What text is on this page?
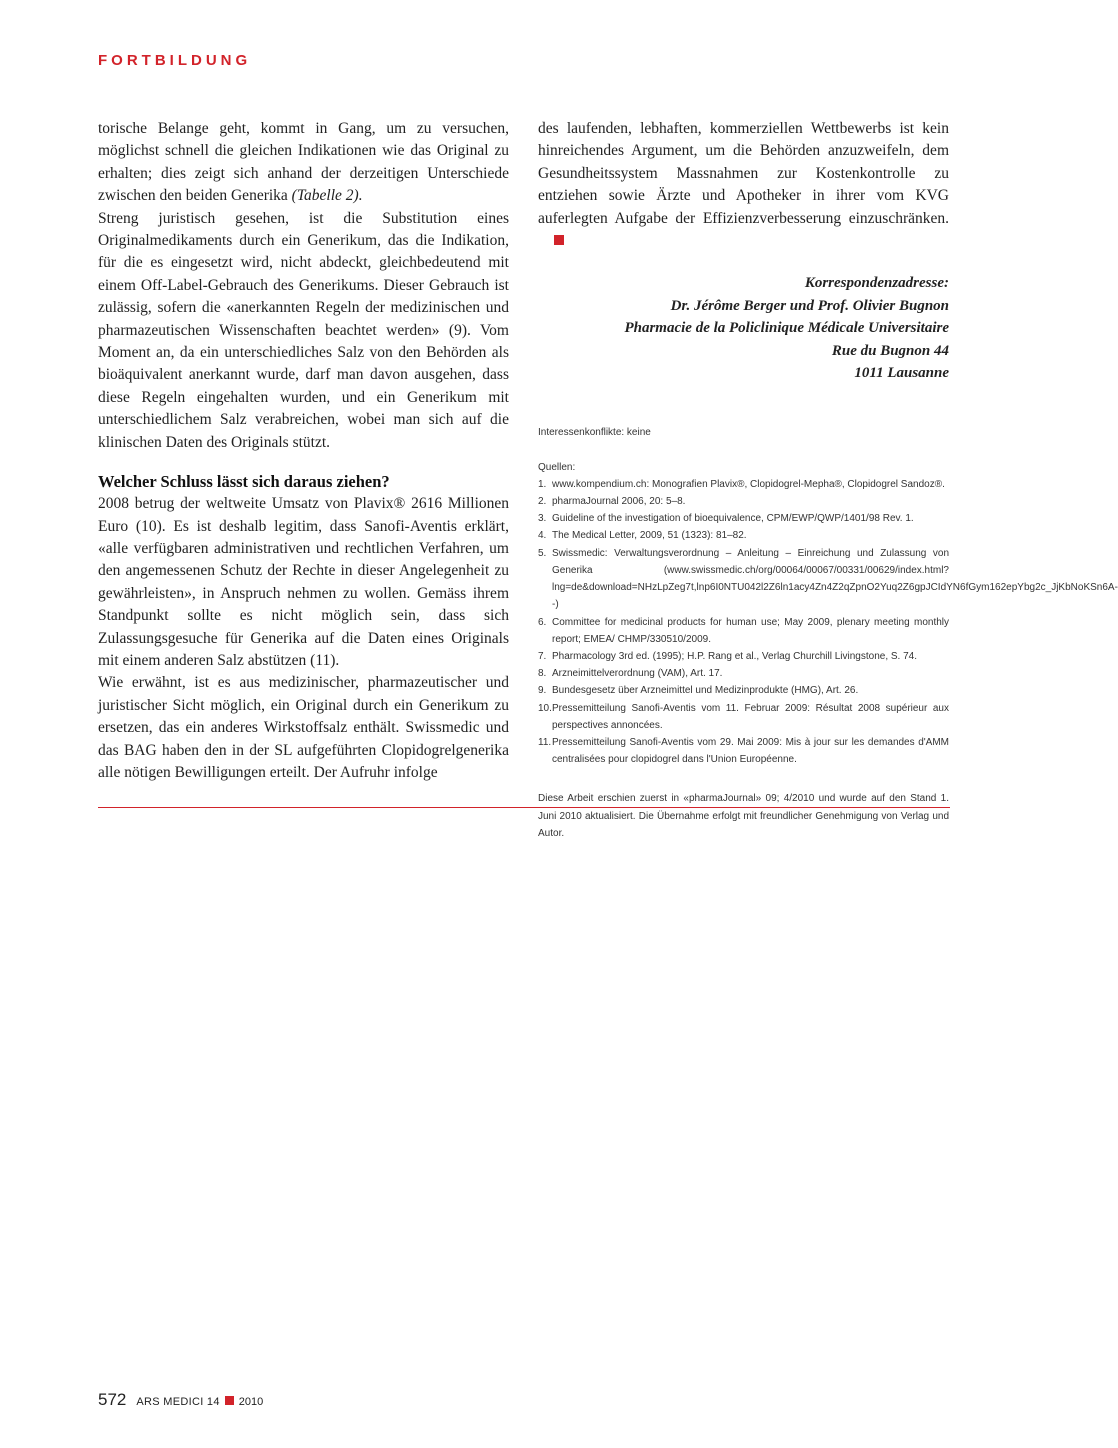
FORTBILDUNG

torische Belange geht, kommt in Gang, um zu versuchen, möglichst schnell die gleichen Indikationen wie das Original zu erhalten; dies zeigt sich anhand der derzeitigen Unterschiede zwischen den beiden Generika (Tabelle 2).

Streng juristisch gesehen, ist die Substitution eines Originalmedikaments durch ein Generikum, das die Indikation, für die es eingesetzt wird, nicht abdeckt, gleichbedeutend mit einem Off-Label-Gebrauch des Generikums. Dieser Gebrauch ist zulässig, sofern die «anerkannten Regeln der medizinischen und pharmazeutischen Wissenschaften beachtet werden» (9). Vom Moment an, da ein unterschiedliches Salz von den Behörden als bioäquivalent anerkannt wurde, darf man davon ausgehen, dass diese Regeln eingehalten wurden, und ein Generikum mit unterschiedlichem Salz verabreichen, wobei man sich auf die klinischen Daten des Originals stützt.

Welcher Schluss lässt sich daraus ziehen?

2008 betrug der weltweite Umsatz von Plavix® 2616 Millionen Euro (10). Es ist deshalb legitim, dass Sanofi-Aventis erklärt, «alle verfügbaren administrativen und rechtlichen Verfahren, um den angemessenen Schutz der Rechte in dieser Angelegenheit zu gewährleisten», in Anspruch nehmen zu wollen. Gemäss ihrem Standpunkt sollte es nicht möglich sein, dass sich Zulassungsgesuche für Generika auf die Daten eines Originals mit einem anderen Salz abstützen (11).

Wie erwähnt, ist es aus medizinischer, pharmazeutischer und juristischer Sicht möglich, ein Original durch ein Generikum zu ersetzen, das ein anderes Wirkstoffsalz enthält. Swissmedic und das BAG haben den in der SL aufgeführten Clopidogrelgenerika alle nötigen Bewilligungen erteilt. Der Aufruhr infolge

des laufenden, lebhaften, kommerziellen Wettbewerbs ist kein hinreichendes Argument, um die Behörden anzuzweifeln, dem Gesundheitssystem Massnahmen zur Kostenkontrolle zu entziehen sowie Ärzte und Apotheker in ihrer vom KVG auferlegten Aufgabe der Effizienzverbesserung einzuschränken.

Korrespondenzadresse:
Dr. Jérôme Berger und Prof. Olivier Bugnon
Pharmacie de la Policlinique Médicale Universitaire
Rue du Bugnon 44
1011 Lausanne
Interessenkonflikte: keine
Quellen:
1. www.kompendium.ch: Monografien Plavix®, Clopidogrel-Mepha®, Clopidogrel Sandoz®.
2. pharmaJournal 2006, 20: 5–8.
3. Guideline of the investigation of bioequivalence, CPM/EWP/QWP/1401/98 Rev. 1.
4. The Medical Letter, 2009, 51 (1323): 81–82.
5. Swissmedic: Verwaltungsverordnung – Anleitung – Einreichung und Zulassung von Generika (www.swissmedic.ch/org/00064/00067/00331/00629/index.html?lng=de&download=NHzLpZeg7t,lnp6I0NTU042l2Z6ln1acy4Zn4Z2qZpnO2Yuq2Z6gpJCIdYN6fGym162epYbg2c_JjKbNoKSn6A--)
6. Committee for medicinal products for human use; May 2009, plenary meeting monthly report; EMEA/ CHMP/330510/2009.
7. Pharmacology 3rd ed. (1995); H.P. Rang et al., Verlag Churchill Livingstone, S. 74.
8. Arzneimittelverordnung (VAM), Art. 17.
9. Bundesgesetz über Arzneimittel und Medizinprodukte (HMG), Art. 26.
10. Pressemitteilung Sanofi-Aventis vom 11. Februar 2009: Résultat 2008 supérieur aux perspectives annoncées.
11. Pressemitteilung Sanofi-Aventis vom 29. Mai 2009: Mis à jour sur les demandes d'AMM centralisées pour clopidogrel dans l'Union Européenne.
Diese Arbeit erschien zuerst in «pharmaJournal» 09; 4/2010 und wurde auf den Stand 1. Juni 2010 aktualisiert. Die Übernahme erfolgt mit freundlicher Genehmigung von Verlag und Autor.
572 ARS MEDICI 14 2010
